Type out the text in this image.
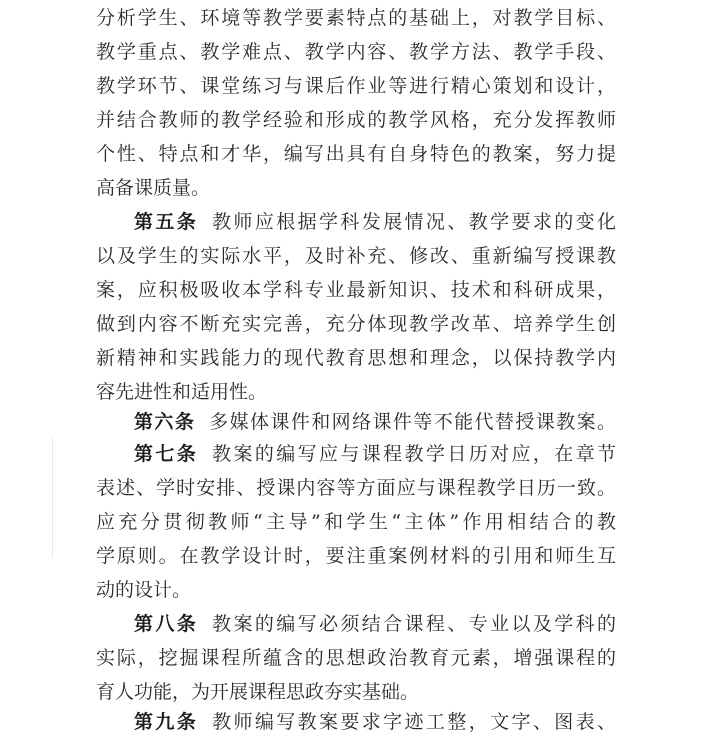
分析学生、环境等教学要素特点的基础上，对教学目标、
教学重点、教学难点、教学内容、教学方法、教学手段、
教学环节、课堂练习与课后作业等进行精心策划和设计，
并结合教师的教学经验和形成的教学风格，充分发挥教师
个性、特点和才华，编写出具有自身特色的教案，努力提
高备课质量。
第五条 教师应根据学科发展情况、教学要求的变化
以及学生的实际水平，及时补充、修改、重新编写授课教
案，应积极吸收本学科专业最新知识、技术和科研成果，
做到内容不断充实完善，充分体现教学改革、培养学生创
新精神和实践能力的现代教育思想和理念，以保持教学内
容先进性和适用性。
第六条 多媒体课件和网络课件等不能代替授课教案。
第七条 教案的编写应与课程教学日历对应，在章节
表述、学时安排、授课内容等方面应与课程教学日历一致。
应充分贯彻教师“主导”和学生“主体”作用相结合的教
学原则。在教学设计时，要注重案例材料的引用和师生互
动的设计。
第八条 教案的编写必须结合课程、专业以及学科的
实际，挖掘课程所蕴含的思想政治教育元素，增强课程的
育人功能，为开展课程思政夯实基础。
第九条 教师编写教案要求字迹工整，文字、图表、
